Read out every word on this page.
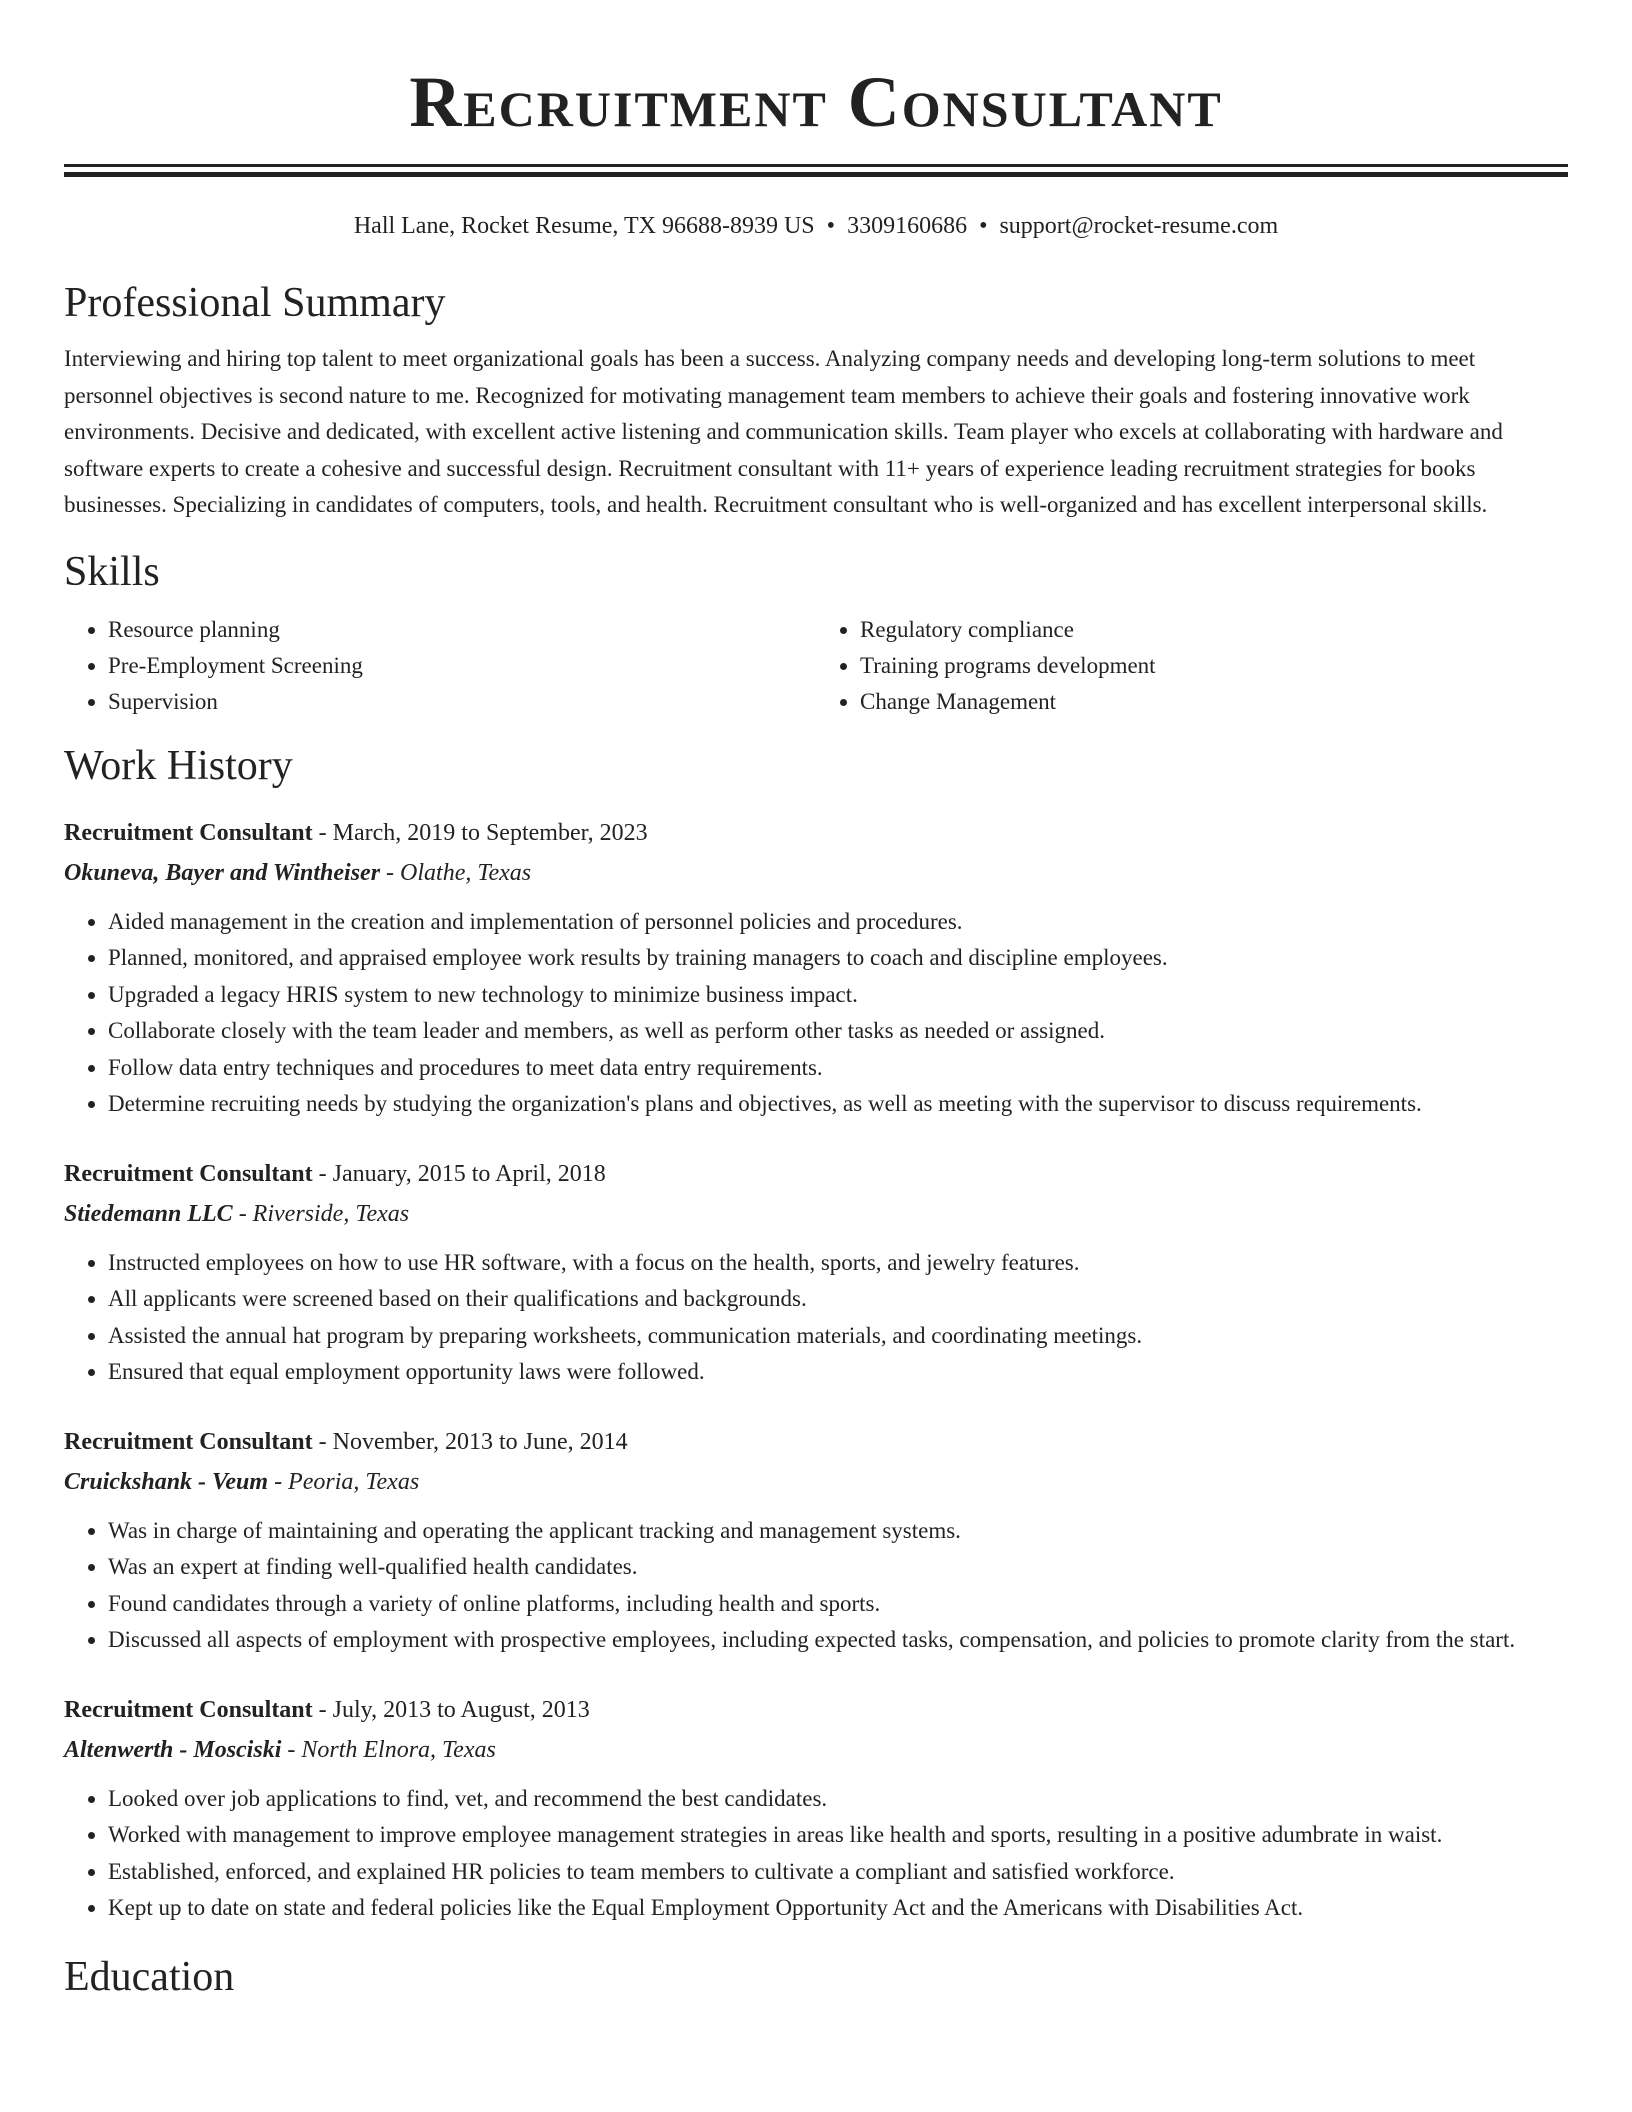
Recruitment Consultant
Hall Lane, Rocket Resume, TX 96688-8939 US • 3309160686 • support@rocket-resume.com
Professional Summary
Interviewing and hiring top talent to meet organizational goals has been a success. Analyzing company needs and developing long-term solutions to meet personnel objectives is second nature to me. Recognized for motivating management team members to achieve their goals and fostering innovative work environments. Decisive and dedicated, with excellent active listening and communication skills. Team player who excels at collaborating with hardware and software experts to create a cohesive and successful design. Recruitment consultant with 11+ years of experience leading recruitment strategies for books businesses. Specializing in candidates of computers, tools, and health. Recruitment consultant who is well-organized and has excellent interpersonal skills.
Skills
• Resource planning
• Pre-Employment Screening
• Supervision
• Regulatory compliance
• Training programs development
• Change Management
Work History
Recruitment Consultant - March, 2019 to September, 2023
Okuneva, Bayer and Wintheiser - Olathe, Texas
• Aided management in the creation and implementation of personnel policies and procedures.
• Planned, monitored, and appraised employee work results by training managers to coach and discipline employees.
• Upgraded a legacy HRIS system to new technology to minimize business impact.
• Collaborate closely with the team leader and members, as well as perform other tasks as needed or assigned.
• Follow data entry techniques and procedures to meet data entry requirements.
• Determine recruiting needs by studying the organization's plans and objectives, as well as meeting with the supervisor to discuss requirements.
Recruitment Consultant - January, 2015 to April, 2018
Stiedemann LLC - Riverside, Texas
• Instructed employees on how to use HR software, with a focus on the health, sports, and jewelry features.
• All applicants were screened based on their qualifications and backgrounds.
• Assisted the annual hat program by preparing worksheets, communication materials, and coordinating meetings.
• Ensured that equal employment opportunity laws were followed.
Recruitment Consultant - November, 2013 to June, 2014
Cruickshank - Veum - Peoria, Texas
• Was in charge of maintaining and operating the applicant tracking and management systems.
• Was an expert at finding well-qualified health candidates.
• Found candidates through a variety of online platforms, including health and sports.
• Discussed all aspects of employment with prospective employees, including expected tasks, compensation, and policies to promote clarity from the start.
Recruitment Consultant - July, 2013 to August, 2013
Altenwerth - Mosciski - North Elnora, Texas
• Looked over job applications to find, vet, and recommend the best candidates.
• Worked with management to improve employee management strategies in areas like health and sports, resulting in a positive adumbrate in waist.
• Established, enforced, and explained HR policies to team members to cultivate a compliant and satisfied workforce.
• Kept up to date on state and federal policies like the Equal Employment Opportunity Act and the Americans with Disabilities Act.
Education
